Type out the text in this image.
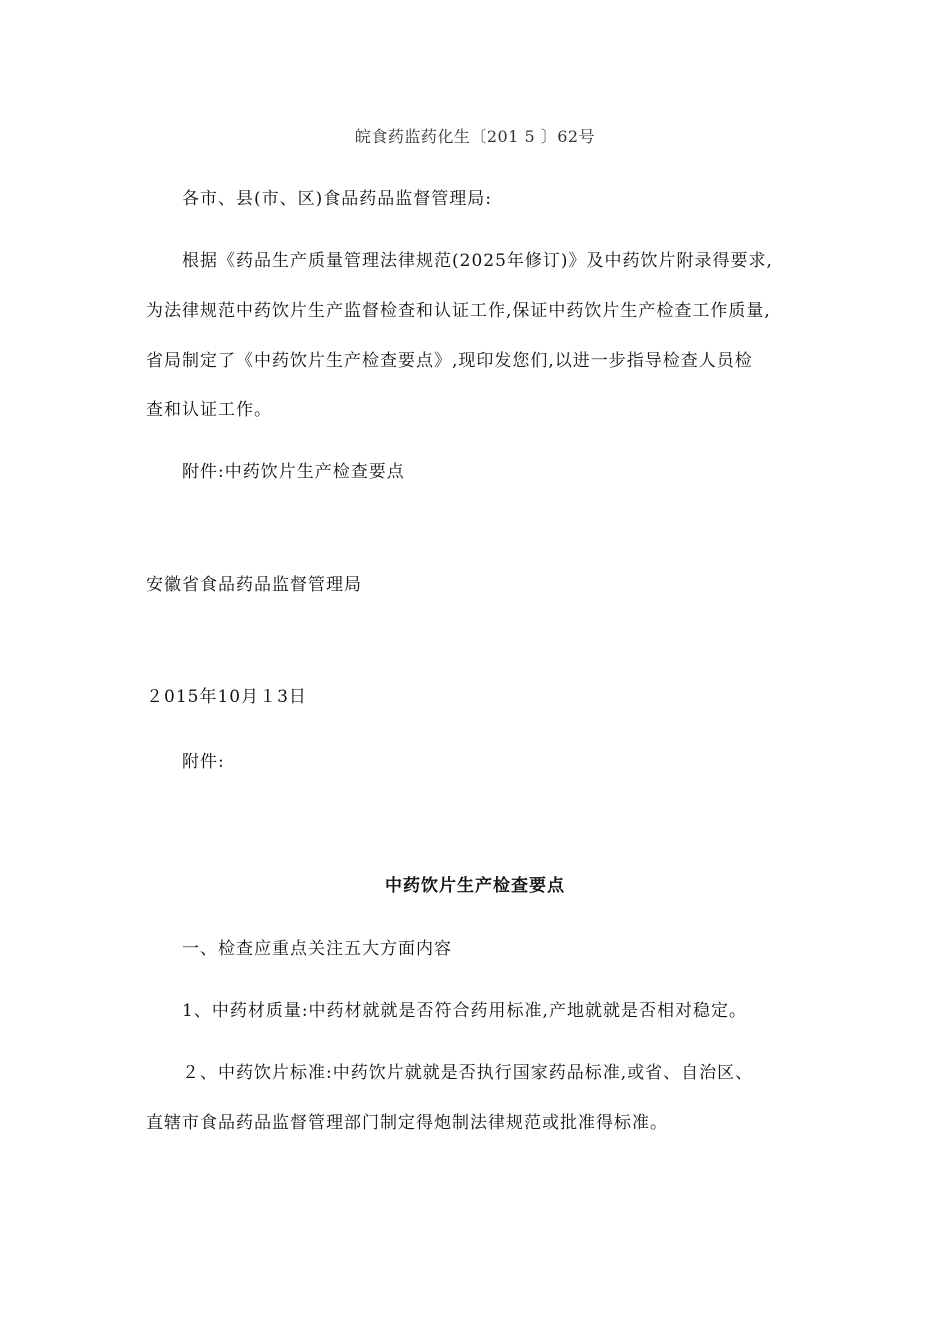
皖食药监药化生〔201 5 〕62号
各市、县(市、区)食品药品监督管理局:
根据《药品生产质量管理法律规范(2025年修订)》及中药饮片附录得要求,
为法律规范中药饮片生产监督检查和认证工作,保证中药饮片生产检查工作质量,
省局制定了《中药饮片生产检查要点》,现印发您们,以进一步指导检查人员检
查和认证工作。
附件:中药饮片生产检查要点
安徽省食品药品监督管理局
２015年10月１3日
附件:
中药饮片生产检查要点
一、检查应重点关注五大方面内容
1、中药材质量:中药材就就是否符合药用标准,产地就就是否相对稳定。
２、中药饮片标准:中药饮片就就是否执行国家药品标准,或省、自治区、
直辖市食品药品监督管理部门制定得炮制法律规范或批准得标准。
